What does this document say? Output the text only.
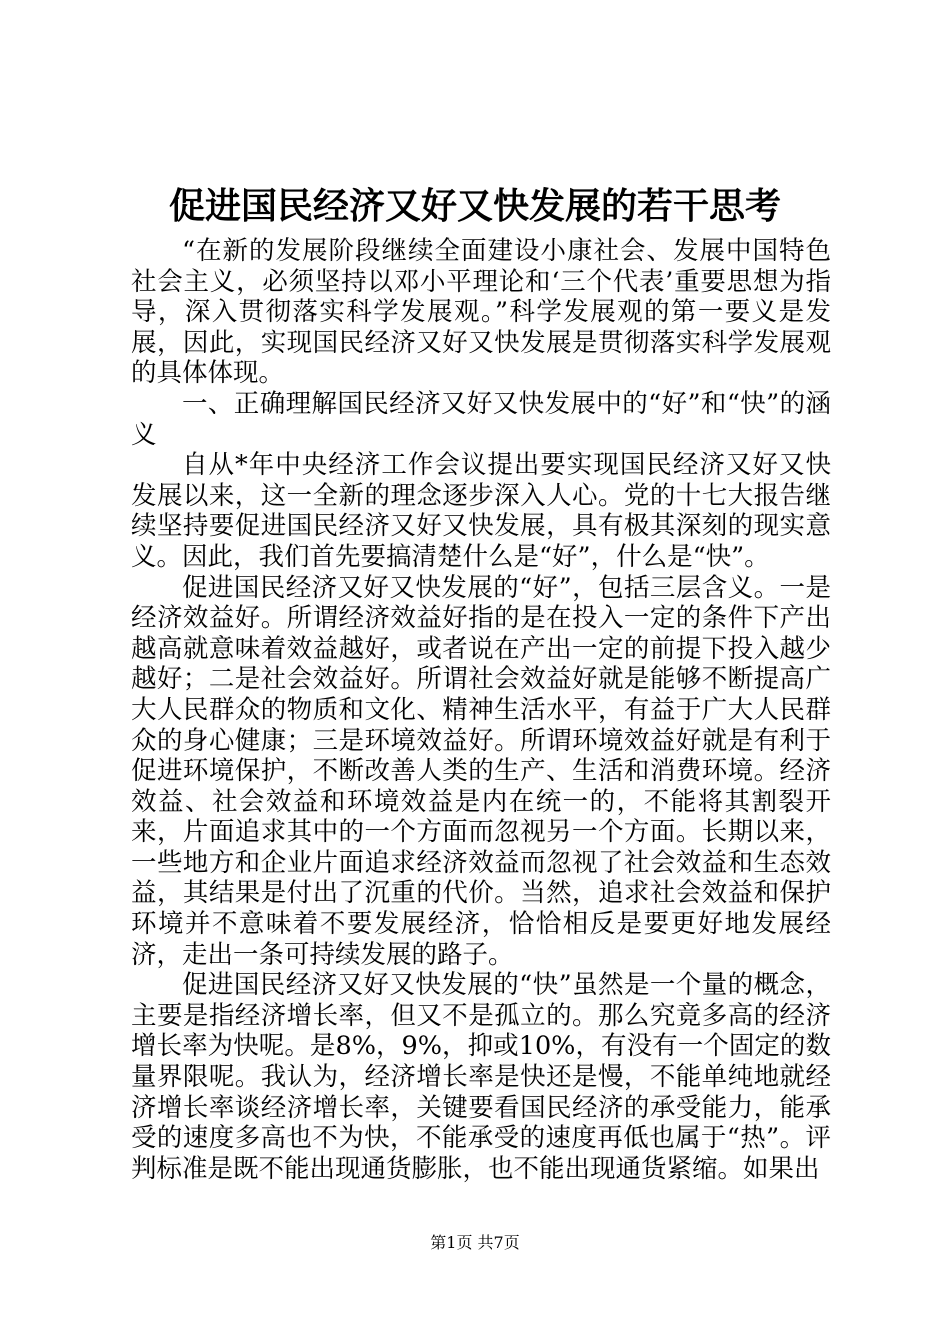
促进国民经济又好又快发展的若干思考

“在新的发展阶段继续全面建设小康社会、发展中国特色社会主义，必须坚持以邓小平理论和‘三个代表’重要思想为指导，深入贯彻落实科学发展观。”科学发展观的第一要义是发展，因此，实现国民经济又好又快发展是贯彻落实科学发展观的具体体现。

一、正确理解国民经济又好又快发展中的“好”和“快”的涵义

自从*年中央经济工作会议提出要实现国民经济又好又快发展以来，这一全新的理念逐步深入人心。党的十七大报告继续坚持要促进国民经济又好又快发展，具有极其深刻的现实意义。因此，我们首先要搞清楚什么是“好”，什么是“快”。

促进国民经济又好又快发展的“好”，包括三层含义。一是经济效益好。所谓经济效益好指的是在投入一定的条件下产出越高就意味着效益越好，或者说在产出一定的前提下投入越少越好；二是社会效益好。所谓社会效益好就是能够不断提高广大人民群众的物质和文化、精神生活水平，有益于广大人民群众的身心健康；三是环境效益好。所谓环境效益好就是有利于促进环境保护，不断改善人类的生产、生活和消费环境。经济效益、社会效益和环境效益是内在统一的，不能将其割裂开来，片面追求其中的一个方面而忽视另一个方面。长期以来，一些地方和企业片面追求经济效益而忽视了社会效益和生态效益，其结果是付出了沉重的代价。当然，追求社会效益和保护环境并不意味着不要发展经济，恰恰相反是要更好地发展经济，走出一条可持续发展的路子。

促进国民经济又好又快发展的“快”虽然是一个量的概念，主要是指经济增长率，但又不是孤立的。那么究竟多高的经济增长率为快呢。是8%，9%，抑或10%，有没有一个固定的数量界限呢。我认为，经济增长率是快还是慢，不能单纯地就经济增长率谈经济增长率，关键要看国民经济的承受能力，能承受的速度多高也不为快，不能承受的速度再低也属于“热”。评判标准是既不能出现通货膨胀，也不能出现通货紧缩。如果出

第1页 共7页
